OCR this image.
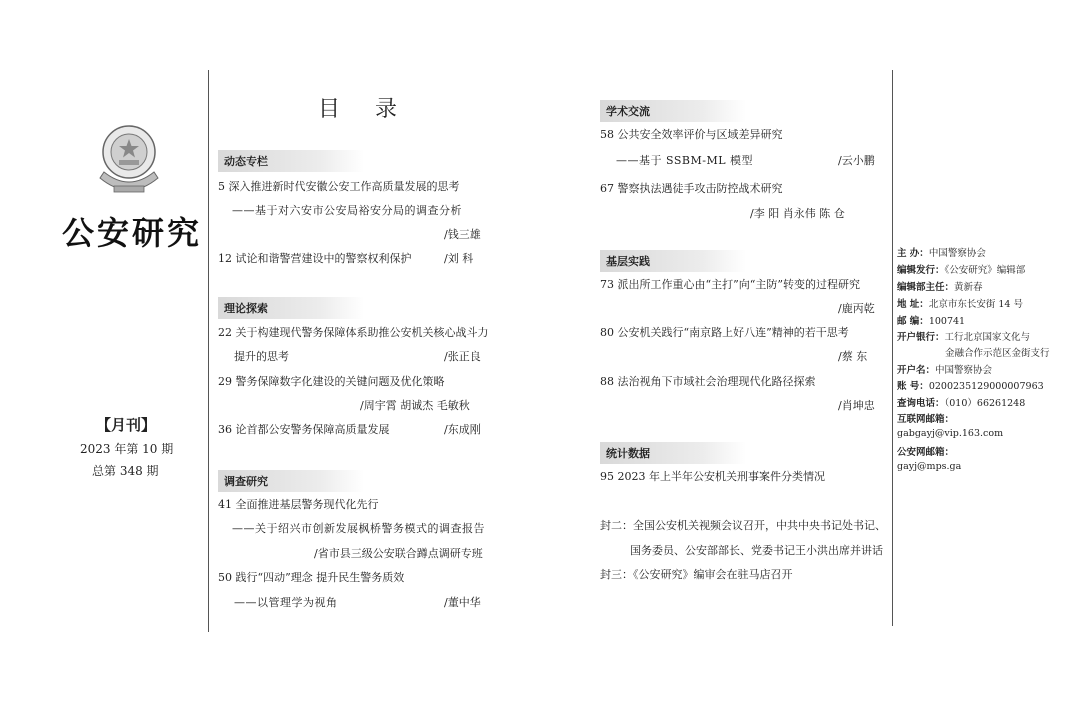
公安研究
【月刊】
2023 年第 10 期
总第 348 期
目 录
动态专栏
5 深入推进新时代安徽公安工作高质量发展的思考
——基于对六安市公安局裕安分局的调查分析
/钱三雄
12 试论和谐警营建设中的警察权利保护	/刘 科
理论探索
22 关于构建现代警务保障体系助推公安机关核心战斗力
提升的思考	/张正良
29 警务保障数字化建设的关键问题及优化策略
/周宇霄 胡诚杰 毛敏秋
36 论首都公安警务保障高质量发展	/东成刚
调查研究
41 全面推进基层警务现代化先行
——关于绍兴市创新发展枫桥警务模式的调查报告
/省市县三级公安联合蹲点调研专班
50 践行“四动”理念 提升民生警务质效
——以管理学为视角	/董中华
学术交流
58 公共安全效率评价与区域差异研究
——基于 SSBM-ML 模型	/云小鹏
67 警察执法遇徒手攻击防控战术研究
/李 阳 肖永伟 陈 仓
基层实践
73 派出所工作重心由“主打”向“主防”转变的过程研究
/鹿丙乾
80 公安机关践行“南京路上好八连”精神的若干思考
/蔡 东
88 法治视角下市域社会治理现代化路径探索
/肖坤忠
统计数据
95 2023 年上半年公安机关刑事案件分类情况
封二：全国公安机关视频会议召开，中共中央书记处书记、
国务委员、公安部部长、党委书记王小洪出席并讲话
封三：《公安研究》编审会在驻马店召开
主 办：中国警察协会
编辑发行：《公安研究》编辑部
编辑部主任：黄新春
地 址：北京市东长安街 14 号
邮 编：100741
开户银行：工行北京国家文化与
金融合作示范区金街支行
开户名：中国警察协会
账 号：0200235129000007963
查询电话：（010）66261248
互联网邮箱：
gabgayj@vip.163.com
公安网邮箱：
gayj@mps.ga
